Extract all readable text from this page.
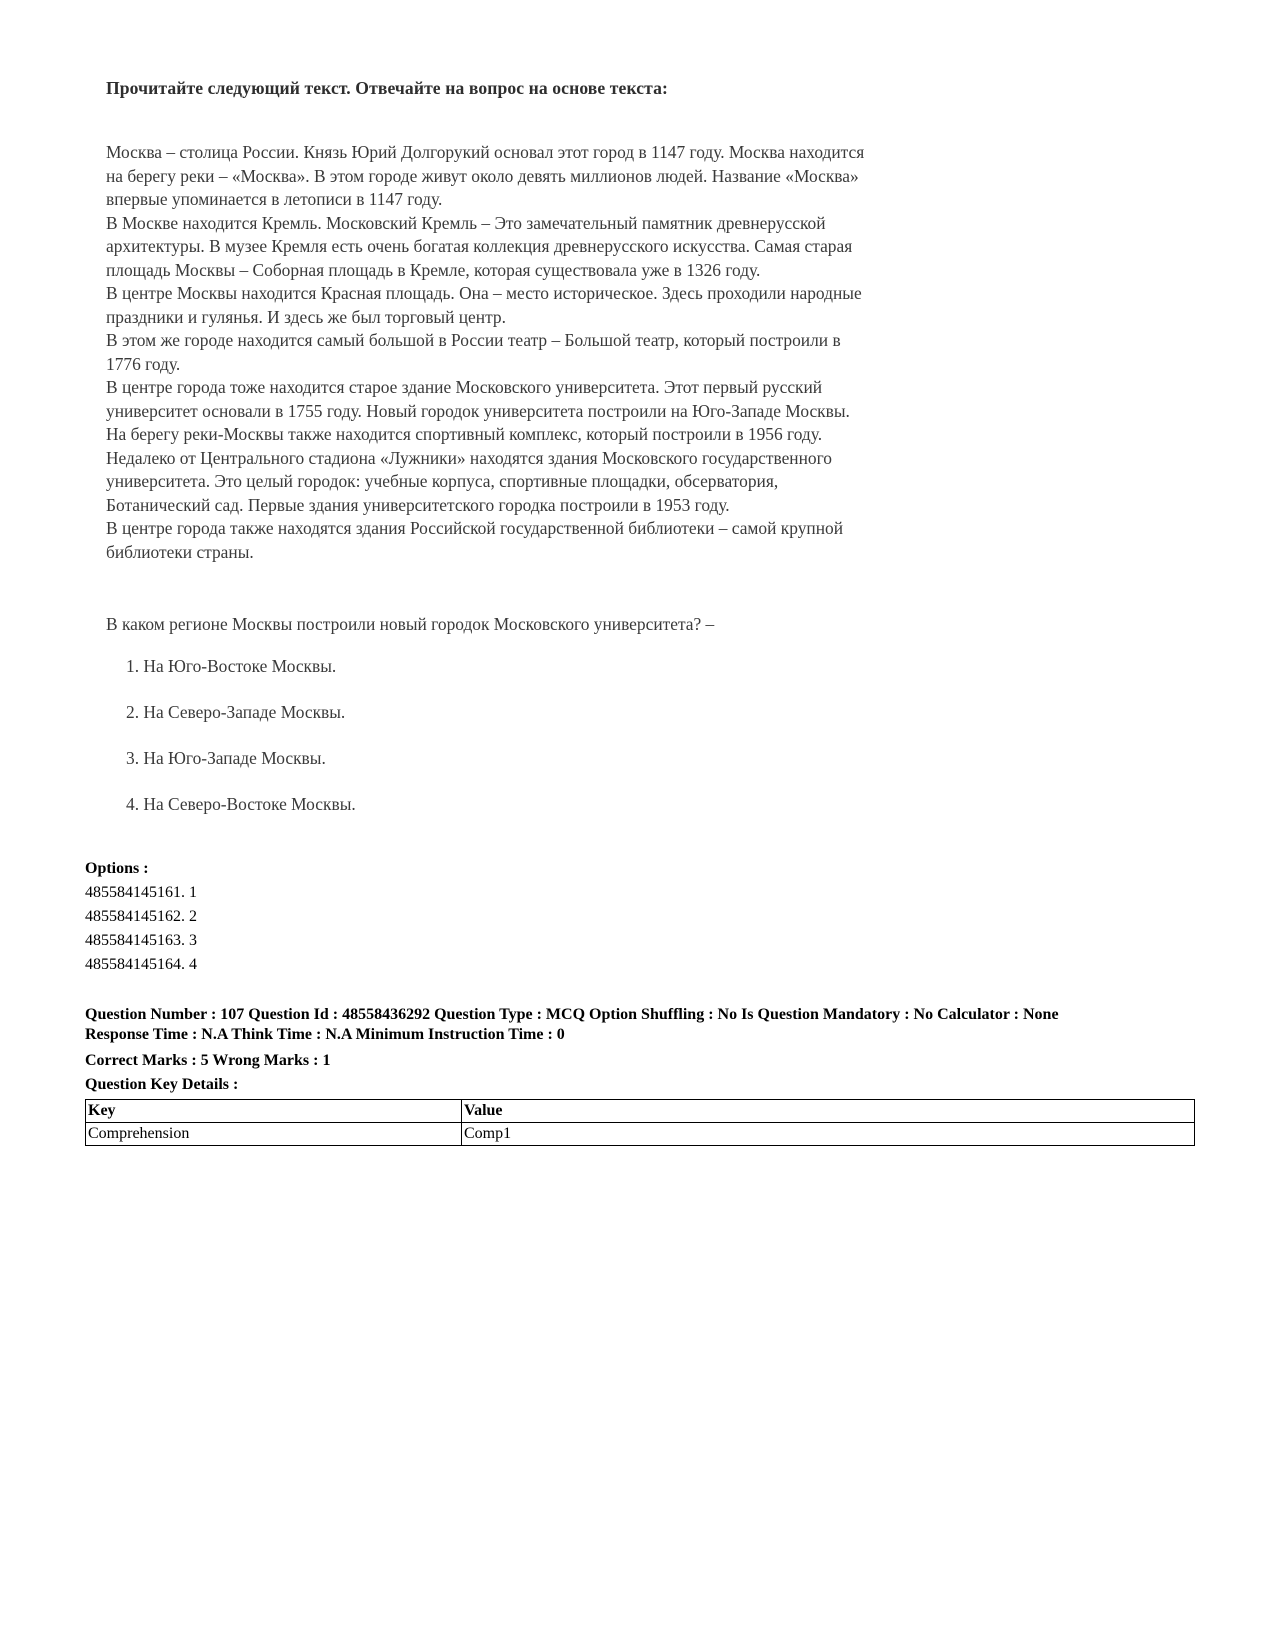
Прочитайте следующий текст. Отвечайте на вопрос на основе текста:
Москва – столица России. Князь Юрий Долгорукий основал этот город в 1147 году. Москва находится
на берегу реки – «Москва». В этом городе живут около девять миллионов людей. Название «Москва»
впервые упоминается в летописи в 1147 году.
В Москве находится Кремль. Московский Кремль – Это замечательный памятник древнерусской
архитектуры. В музее Кремля есть очень богатая коллекция древнерусского искусства. Самая старая
площадь Москвы – Соборная площадь в Кремле, которая существовала уже в 1326 году.
В центре Москвы находится Красная площадь. Она – место историческое. Здесь проходили народные
праздники и гулянья. И здесь же был торговый центр.
В этом же городе находится самый большой в России театр – Большой театр, который построили в
1776 году.
В центре города тоже находится старое здание Московского университета. Этот первый русский
университет основали в 1755 году. Новый городок университета построили на Юго-Западе Москвы.
На берегу реки-Москвы также находится спортивный комплекс, который построили в 1956 году.
Недалеко от Центрального стадиона «Лужники» находятся здания Московского государственного
университета. Это целый городок: учебные корпуса, спортивные площадки, обсерватория,
Ботанический сад. Первые здания университетского городка построили в 1953 году.
В центре города также находятся здания Российской государственной библиотеки – самой крупной
библиотеки страны.
В каком регионе Москвы построили новый городок Московского университета? –
1. На Юго-Востоке Москвы.
2. На Северо-Западе Москвы.
3. На Юго-Западе Москвы.
4. На Северо-Востоке Москвы.
Options :
485584145161. 1
485584145162. 2
485584145163. 3
485584145164. 4
Question Number : 107 Question Id : 48558436292 Question Type : MCQ Option Shuffling : No Is Question Mandatory : No Calculator : None
Response Time : N.A Think Time : N.A Minimum Instruction Time : 0
Correct Marks : 5 Wrong Marks : 1
Question Key Details :
Key	Value
Comprehension	Comp1
